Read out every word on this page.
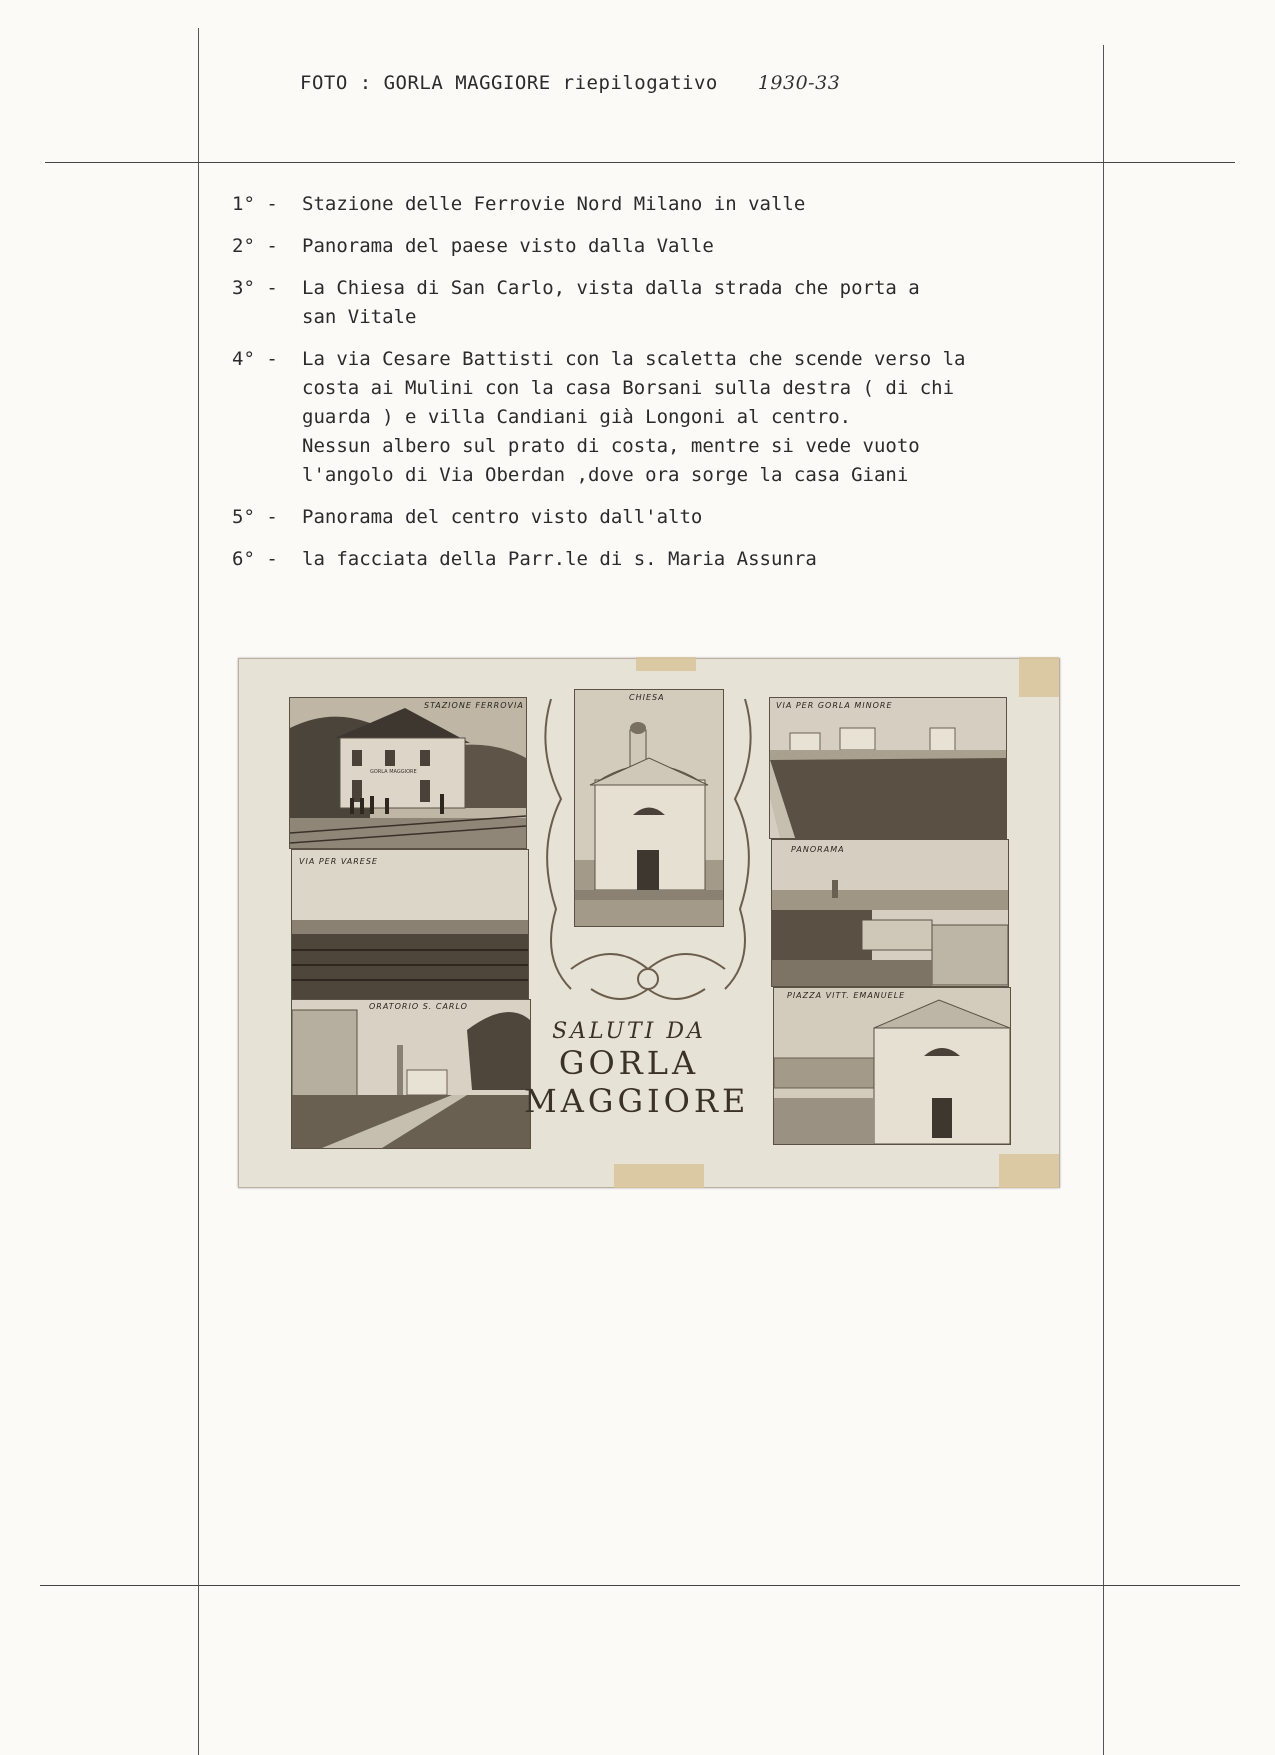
FOTO : GORLA MAGGIORE riepilogativo 1930-33
1° -	Stazione delle Ferrovie Nord Milano in valle
2° -	Panorama del paese visto dalla Valle
3° -	La Chiesa di San Carlo, vista dalla strada che porta a
san Vitale
4° -	La via Cesare Battisti con la scaletta che scende verso la
costa ai Mulini con la casa Borsani sulla destra ( di chi
guarda ) e villa Candiani già Longoni al centro.
Nessun albero sul prato di costa, mentre si vede vuoto
l'angolo di Via Oberdan ,dove ora sorge la casa Giani
5° -	Panorama del centro visto dall'alto
6° -	la facciata della Parr.le di s. Maria Assunra
GORLA MAGGIORE
STAZIONE FERROVIA
CHIESA
VIA PER GORLA MINORE
VIA PER VARESE
PANORAMA
ORATORIO S. CARLO
PIAZZA VITT. EMANUELE
SALUTI DA
GORLA
MAGGIORE
